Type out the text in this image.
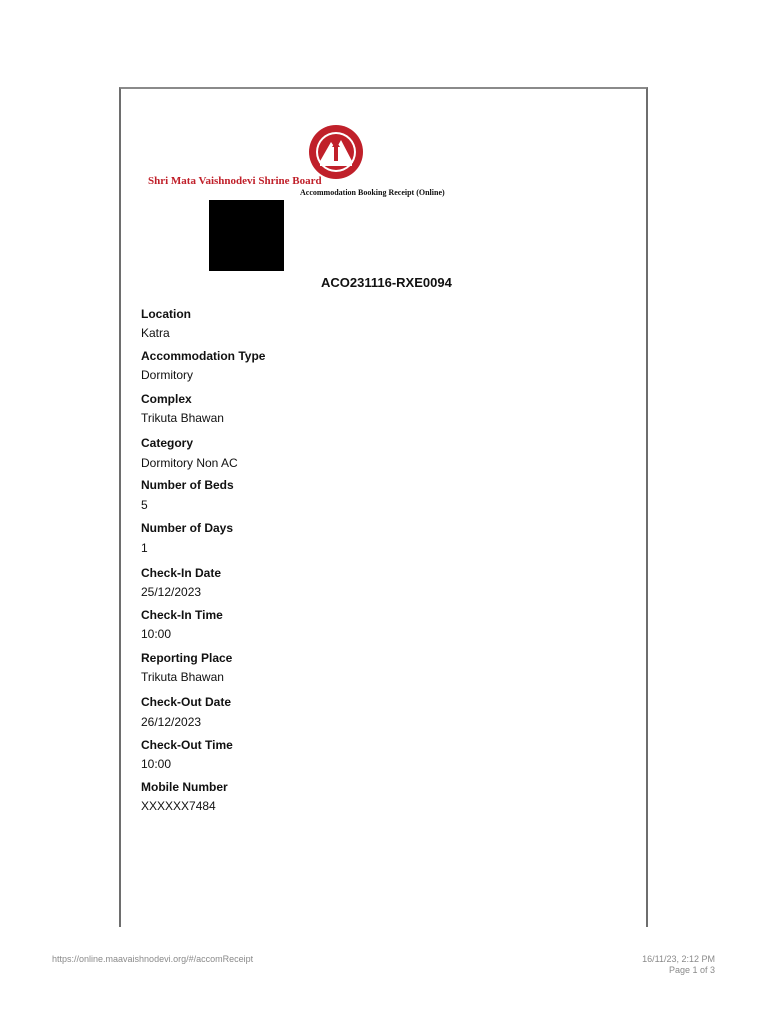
Shri Mata Vaishnodevi Shrine Board
Accommodation Booking Receipt (Online)
ACO231116-RXE0094
Location
Katra
Accommodation Type
Dormitory
Complex
Trikuta Bhawan
Category
Dormitory Non AC
Number of Beds
5
Number of Days
1
Check-In Date
25/12/2023
Check-In Time
10:00
Reporting Place
Trikuta Bhawan
Check-Out Date
26/12/2023
Check-Out Time
10:00
Mobile Number
XXXXXX7484
https://online.maavaishnodevi.org/#/accomReceipt	16/11/23, 2:12 PM
Page 1 of 3
